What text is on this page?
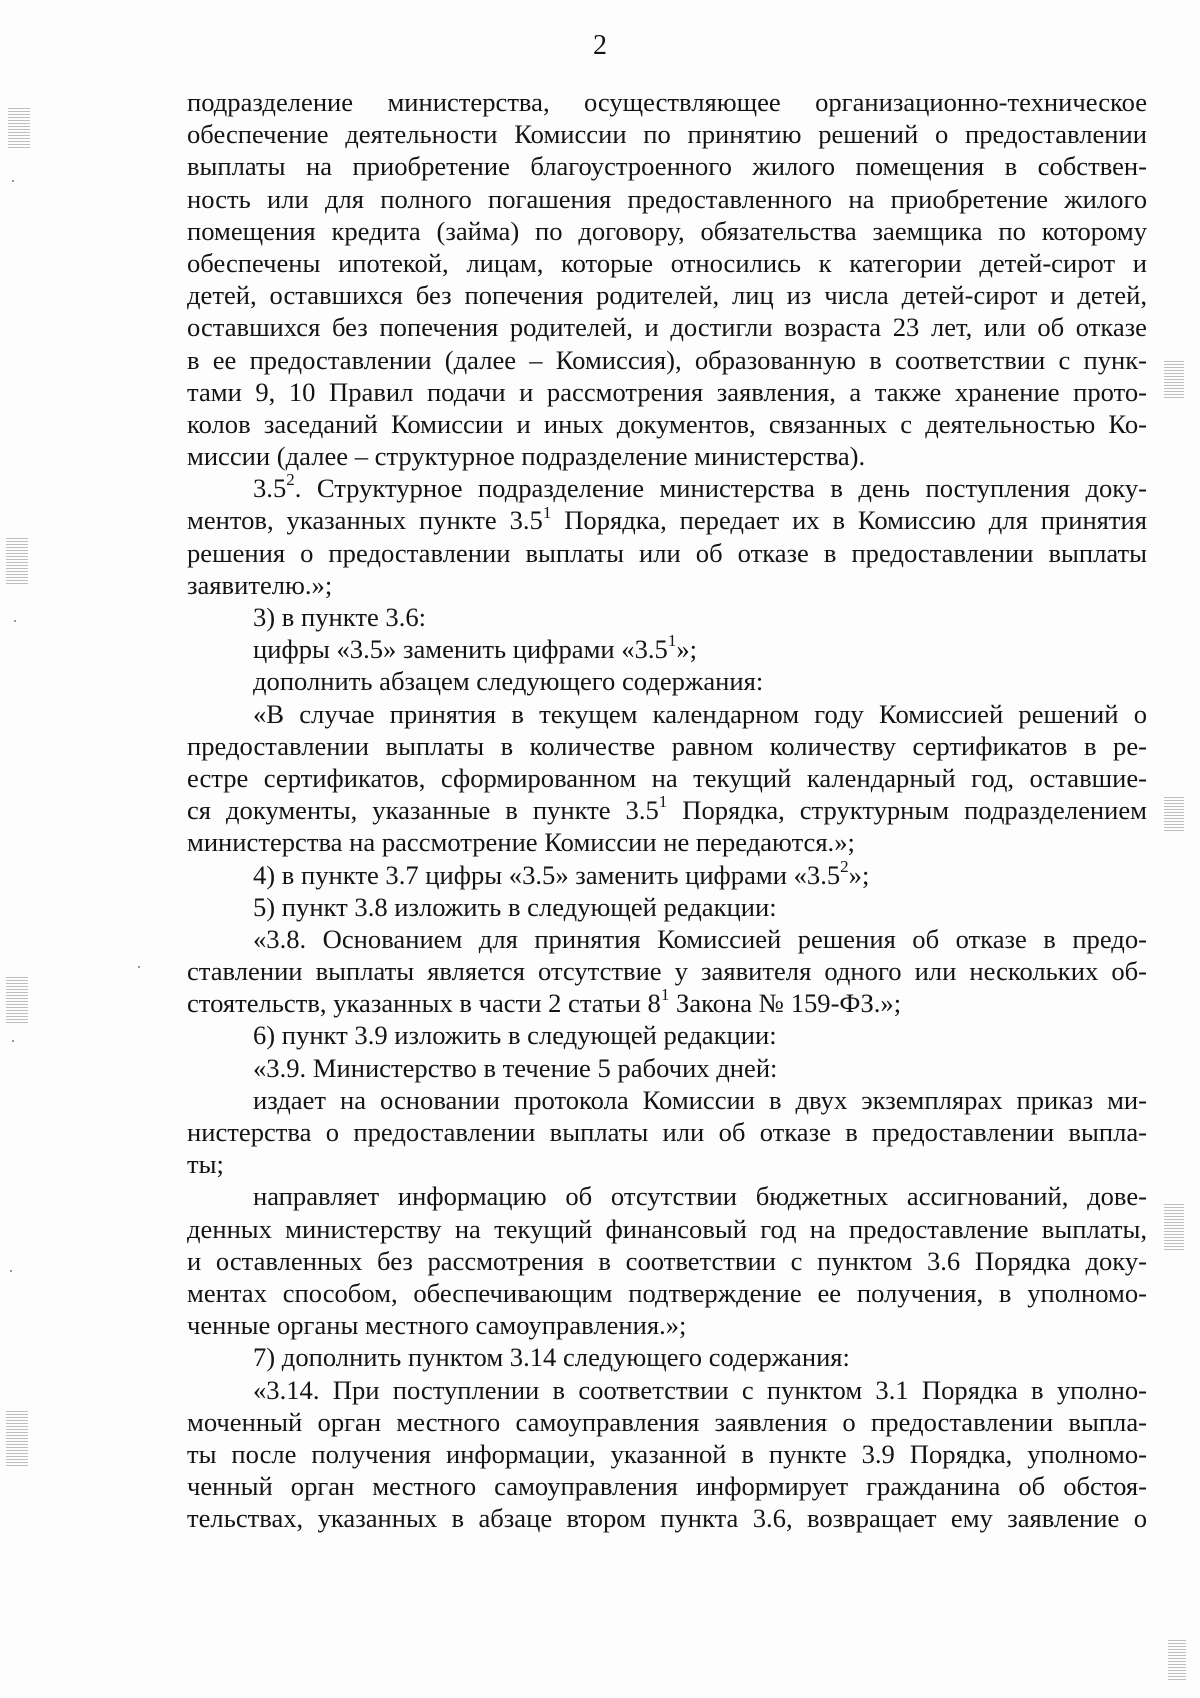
2
подразделение министерства, осуществляющее организационно-техническое
обеспечение деятельности Комиссии по принятию решений о предоставлении
выплаты на приобретение благоустроенного жилого помещения в собствен-
ность или для полного погашения предоставленного на приобретение жилого
помещения кредита (займа) по договору, обязательства заемщика по которому
обеспечены ипотекой, лицам, которые относились к категории детей-сирот и
детей, оставшихся без попечения родителей, лиц из числа детей-сирот и детей,
оставшихся без попечения родителей, и достигли возраста 23 лет, или об отказе
в ее предоставлении (далее – Комиссия), образованную в соответствии с пунк-
тами 9, 10 Правил подачи и рассмотрения заявления, а также хранение прото-
колов заседаний Комиссии и иных документов, связанных с деятельностью Ко-
миссии (далее – структурное подразделение министерства).
$3.5^2$. Структурное подразделение министерства в день поступления доку-
ментов, указанных пункте $3.5^1$ Порядка, передает их в Комиссию для принятия
решения о предоставлении выплаты или об отказе в предоставлении выплаты
заявителю.»;
3) в пункте 3.6:
цифры «3.5» заменить цифрами «$3.5^1$»;
дополнить абзацем следующего содержания:
«В случае принятия в текущем календарном году Комиссией решений о
предоставлении выплаты в количестве равном количеству сертификатов в ре-
естре сертификатов, сформированном на текущий календарный год, оставшие-
ся документы, указанные в пункте $3.5^1$ Порядка, структурным подразделением
министерства на рассмотрение Комиссии не передаются.»;
4) в пункте 3.7 цифры «3.5» заменить цифрами «$3.5^2$»;
5) пункт 3.8 изложить в следующей редакции:
«3.8. Основанием для принятия Комиссией решения об отказе в предо-
ставлении выплаты является отсутствие у заявителя одного или нескольких об-
стоятельств, указанных в части 2 статьи $8^1$ Закона № 159-ФЗ.»;
6) пункт 3.9 изложить в следующей редакции:
«3.9. Министерство в течение 5 рабочих дней:
издает на основании протокола Комиссии в двух экземплярах приказ ми-
нистерства о предоставлении выплаты или об отказе в предоставлении выпла-
ты;
направляет информацию об отсутствии бюджетных ассигнований, дове-
денных министерству на текущий финансовый год на предоставление выплаты,
и оставленных без рассмотрения в соответствии с пунктом 3.6 Порядка доку-
ментах способом, обеспечивающим подтверждение ее получения, в уполномо-
ченные органы местного самоуправления.»;
7) дополнить пунктом 3.14 следующего содержания:
«3.14. При поступлении в соответствии с пунктом 3.1 Порядка в уполно-
моченный орган местного самоуправления заявления о предоставлении выпла-
ты после получения информации, указанной в пункте 3.9 Порядка, уполномо-
ченный орган местного самоуправления информирует гражданина об обстоя-
тельствах, указанных в абзаце втором пункта 3.6, возвращает ему заявление о
